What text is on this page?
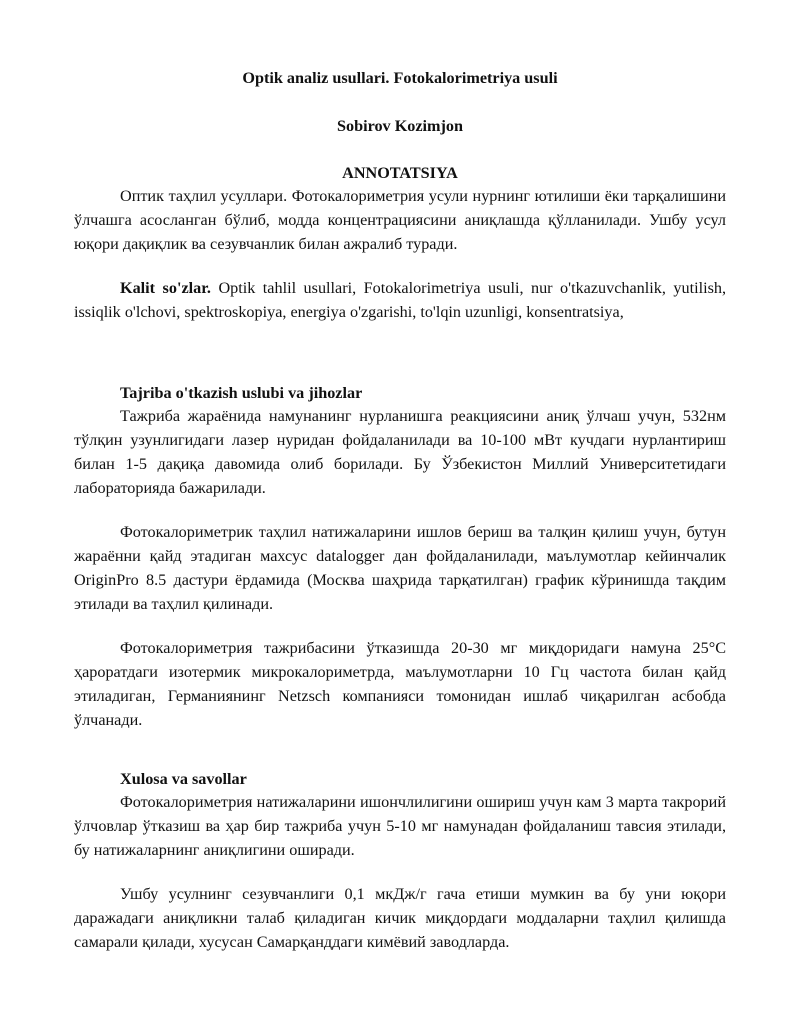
Optik analiz usullari. Fotokalorimetriya usuli

Sobirov Kozimjon

ANNOTATSIYA

Оптик таҳлил усуллари. Фотокалориметрия усули нурнинг ютилиши ёки тарқалишини ўлчашга асосланган бўлиб, модда концентрациясини аниқлашда қўлланилади. Ушбу усул юқори дақиқлик ва сезувчанлик билан ажралиб туради.

Kalit so'zlar. Optik tahlil usullari, Fotokalorimetriya usuli, nur o'tkazuvchanlik, yutilish, issiqlik o'lchovi, spektroskopiya, energiya o'zgarishi, to'lqin uzunligi, konsentratsiya,

Tajriba o'tkazish uslubi va jihozlar

Тажриба жараёнида намунанинг нурланишга реакциясини аниқ ўлчаш учун, 532нм тўлқин узунлигидаги лазер нуридан фойдаланилади ва 10-100 мВт кучдаги нурлантириш билан 1-5 дақиқа давомида олиб борилади. Бу Ўзбекистон Миллий Университетидаги лабораторияда бажарилади.

Фотокалориметрик таҳлил натижаларини ишлов бериш ва талқин қилиш учун, бутун жараённи қайд этадиган махсус datalogger дан фойдаланилади, маълумотлар кейинчалик OriginPro 8.5 дастури ёрдамида (Москва шаҳрида тарқатилган) график кўринишда тақдим этилади ва таҳлил қилинади.

Фотокалориметрия тажрибасини ўтказишда 20-30 мг миқдоридаги намуна 25°C ҳароратдаги изотермик микрокалориметрда, маълумотларни 10 Гц частота билан қайд этиладиган, Германиянинг Netzsch компанияси томонидан ишлаб чиқарилган асбобда ўлчанади.

Xulosa va savollar

Фотокалориметрия натижаларини ишончлилигини ошириш учун кам 3 марта такрорий ўлчовлар ўтказиш ва ҳар бир тажриба учун 5-10 мг намунадан фойдаланиш тавсия этилади, бу натижаларнинг аниқлигини оширади.

Ушбу усулнинг сезувчанлиги 0,1 мкДж/г гача етиши мумкин ва бу уни юқори даражадаги аниқликни талаб қиладиган кичик миқдордаги моддаларни таҳлил қилишда самарали қилади, хусусан Самарқанддаги кимёвий заводларда.
